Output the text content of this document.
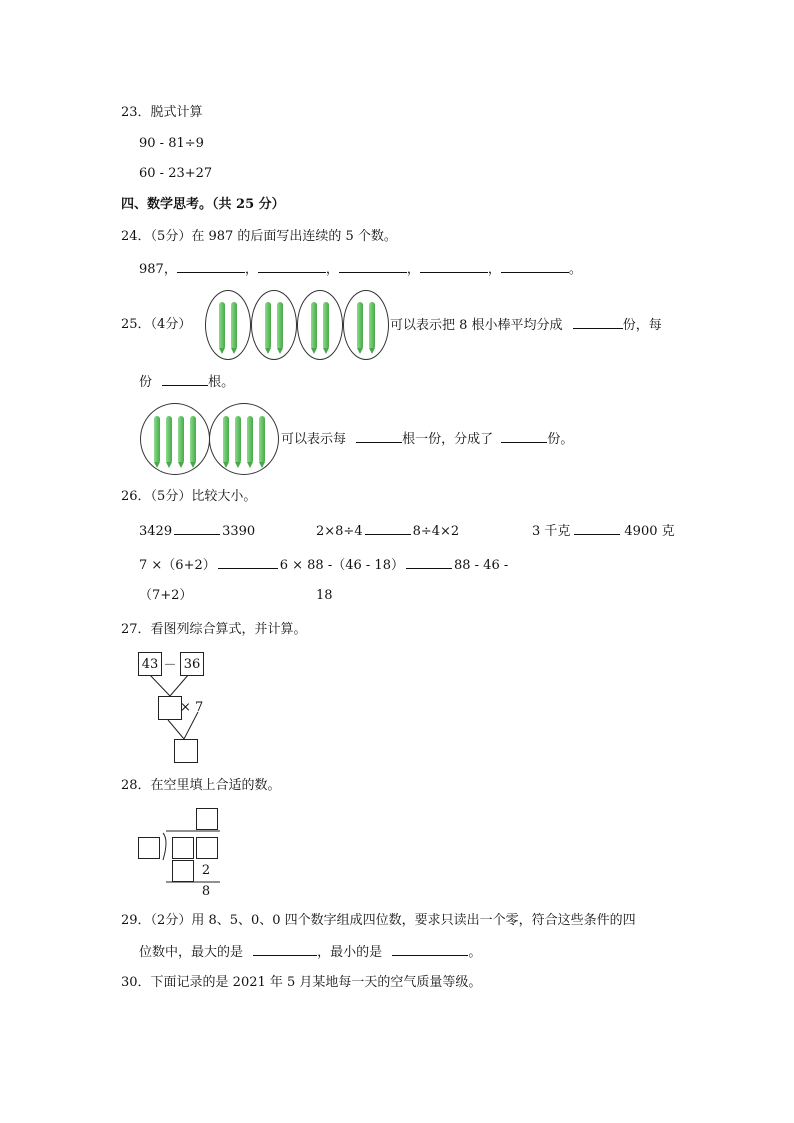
23．脱式计算
90 - 81÷9
60 - 23+27
四、数学思考。（共 25 分）
24．（5分）在 987 的后面写出连续的 5 个数。
987，	，	，	，	，	。
25．（4分）	可以表示把 8 根小棒平均分成	份，每
份	根。
可以表示每	根一份，分成了	份。
26．（5分）比较大小。
3429	3390	2×8÷4	8÷4×2	3 千克	4900 克
7 ×（6+2）	6 × 88 -（46 - 18）	88 - 46 -
（7+2）	18
27．看图列综合算式，并计算。
43 － 36
× 7
28．在空里填上合适的数。
2
8
29．（2分）用 8、5、0、0 四个数字组成四位数，要求只读出一个零，符合这些条件的四
位数中，最大的是	，最小的是	。
30．下面记录的是 2021 年 5 月某地每一天的空气质量等级。
